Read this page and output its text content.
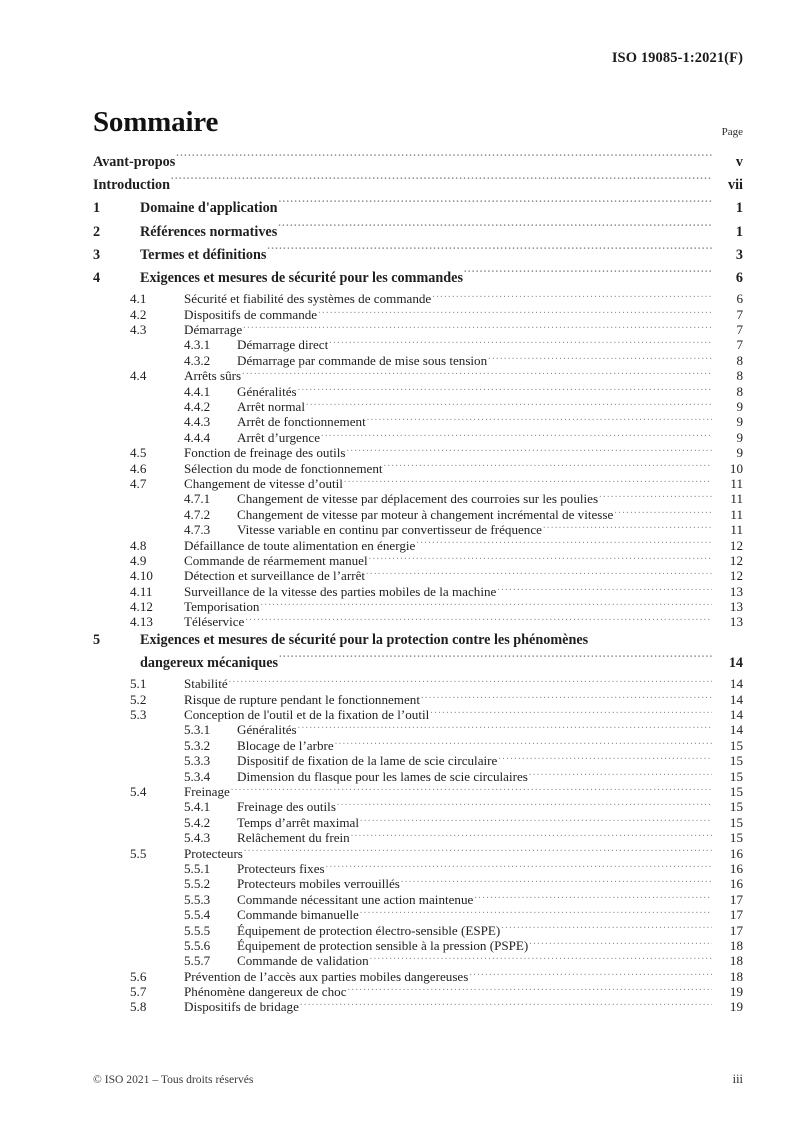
ISO 19085-1:2021(F)
Sommaire	Page
Avant-propos .....	v
Introduction .....	vii
1	Domaine d'application .....	1
2	Références normatives .....	1
3	Termes et définitions .....	3
4	Exigences et mesures de sécurité pour les commandes .....	6
4.1	Sécurité et fiabilité des systèmes de commande .....	6
4.2	Dispositifs de commande .....	7
4.3	Démarrage .....	7
4.3.1	Démarrage direct .....	7
4.3.2	Démarrage par commande de mise sous tension .....	8
4.4	Arrêts sûrs .....	8
4.4.1	Généralités .....	8
4.4.2	Arrêt normal .....	9
4.4.3	Arrêt de fonctionnement .....	9
4.4.4	Arrêt d’urgence .....	9
4.5	Fonction de freinage des outils .....	9
4.6	Sélection du mode de fonctionnement .....	10
4.7	Changement de vitesse d’outil .....	11
4.7.1	Changement de vitesse par déplacement des courroies sur les poulies .....	11
4.7.2	Changement de vitesse par moteur à changement incrémental de vitesse .....	11
4.7.3	Vitesse variable en continu par convertisseur de fréquence .....	11
4.8	Défaillance de toute alimentation en énergie .....	12
4.9	Commande de réarmement manuel .....	12
4.10	Détection et surveillance de l’arrêt .....	12
4.11	Surveillance de la vitesse des parties mobiles de la machine .....	13
4.12	Temporisation .....	13
4.13	Téléservice .....	13
5	Exigences et mesures de sécurité pour la protection contre les phénomènes
dangereux mécaniques .....	14
5.1	Stabilité .....	14
5.2	Risque de rupture pendant le fonctionnement .....	14
5.3	Conception de l'outil et de la fixation de l’outil .....	14
5.3.1	Généralités .....	14
5.3.2	Blocage de l’arbre .....	15
5.3.3	Dispositif de fixation de la lame de scie circulaire .....	15
5.3.4	Dimension du flasque pour les lames de scie circulaires .....	15
5.4	Freinage .....	15
5.4.1	Freinage des outils .....	15
5.4.2	Temps d’arrêt maximal .....	15
5.4.3	Relâchement du frein .....	15
5.5	Protecteurs .....	16
5.5.1	Protecteurs fixes .....	16
5.5.2	Protecteurs mobiles verrouillés .....	16
5.5.3	Commande nécessitant une action maintenue .....	17
5.5.4	Commande bimanuelle .....	17
5.5.5	Équipement de protection électro-sensible (ESPE) .....	17
5.5.6	Équipement de protection sensible à la pression (PSPE) .....	18
5.5.7	Commande de validation .....	18
5.6	Prévention de l’accès aux parties mobiles dangereuses .....	18
5.7	Phénomène dangereux de choc .....	19
5.8	Dispositifs de bridage .....	19
© ISO 2021 – Tous droits réservés	iii
